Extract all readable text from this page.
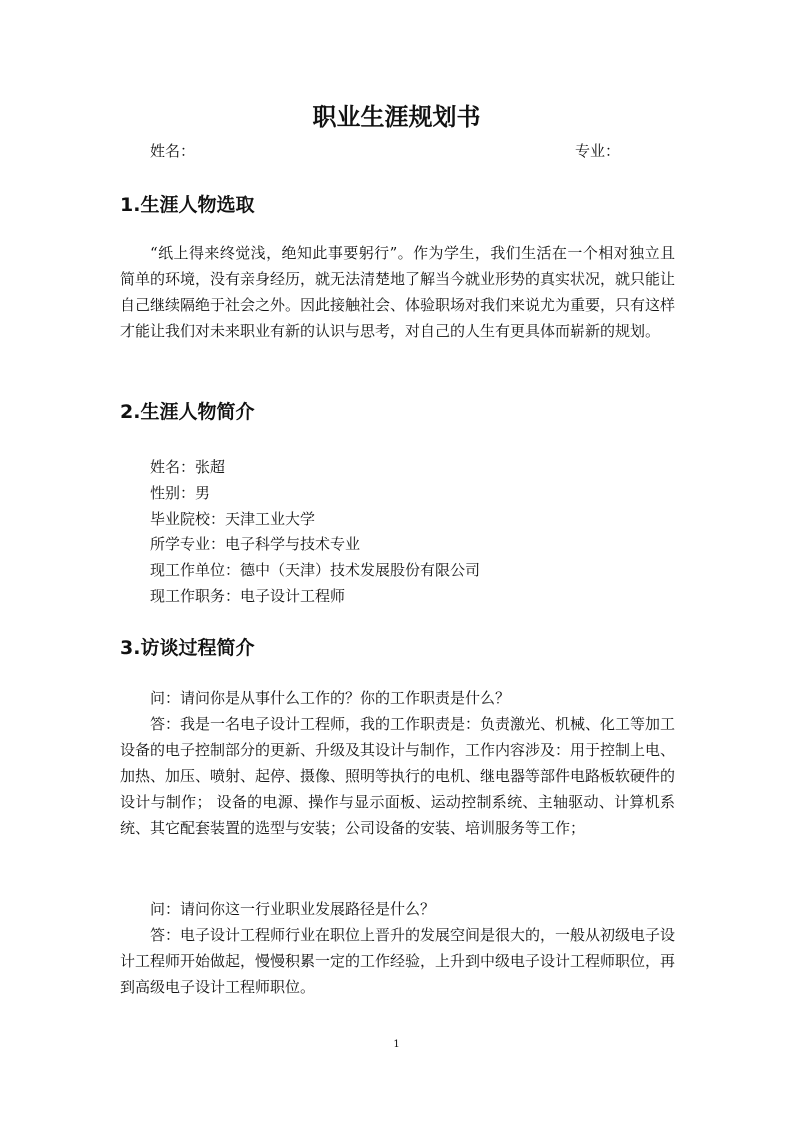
职业生涯规划书
姓名：	专业：
1.生涯人物选取

“纸上得来终觉浅，绝知此事要躬行”。作为学生，我们生活在一个相对独立且简单的环境，没有亲身经历，就无法清楚地了解当今就业形势的真实状况，就只能让自己继续隔绝于社会之外。因此接触社会、体验职场对我们来说尤为重要，只有这样才能让我们对未来职业有新的认识与思考，对自己的人生有更具体而崭新的规划。

2.生涯人物简介
姓名：张超
性别：男
毕业院校：天津工业大学
所学专业：电子科学与技术专业
现工作单位：德中（天津）技术发展股份有限公司
现工作职务：电子设计工程师
3.访谈过程简介

问：请问你是从事什么工作的？你的工作职责是什么？

答：我是一名电子设计工程师，我的工作职责是：负责激光、机械、化工等加工设备的电子控制部分的更新、升级及其设计与制作，工作内容涉及：用于控制上电、加热、加压、喷射、起停、摄像、照明等执行的电机、继电器等部件电路板软硬件的设计与制作； 设备的电源、操作与显示面板、运动控制系统、主轴驱动、计算机系统、其它配套装置的选型与安装；公司设备的安装、培训服务等工作；

问：请问你这一行业职业发展路径是什么？

答：电子设计工程师行业在职位上晋升的发展空间是很大的，一般从初级电子设计工程师开始做起，慢慢积累一定的工作经验，上升到中级电子设计工程师职位，再到高级电子设计工程师职位。

1
